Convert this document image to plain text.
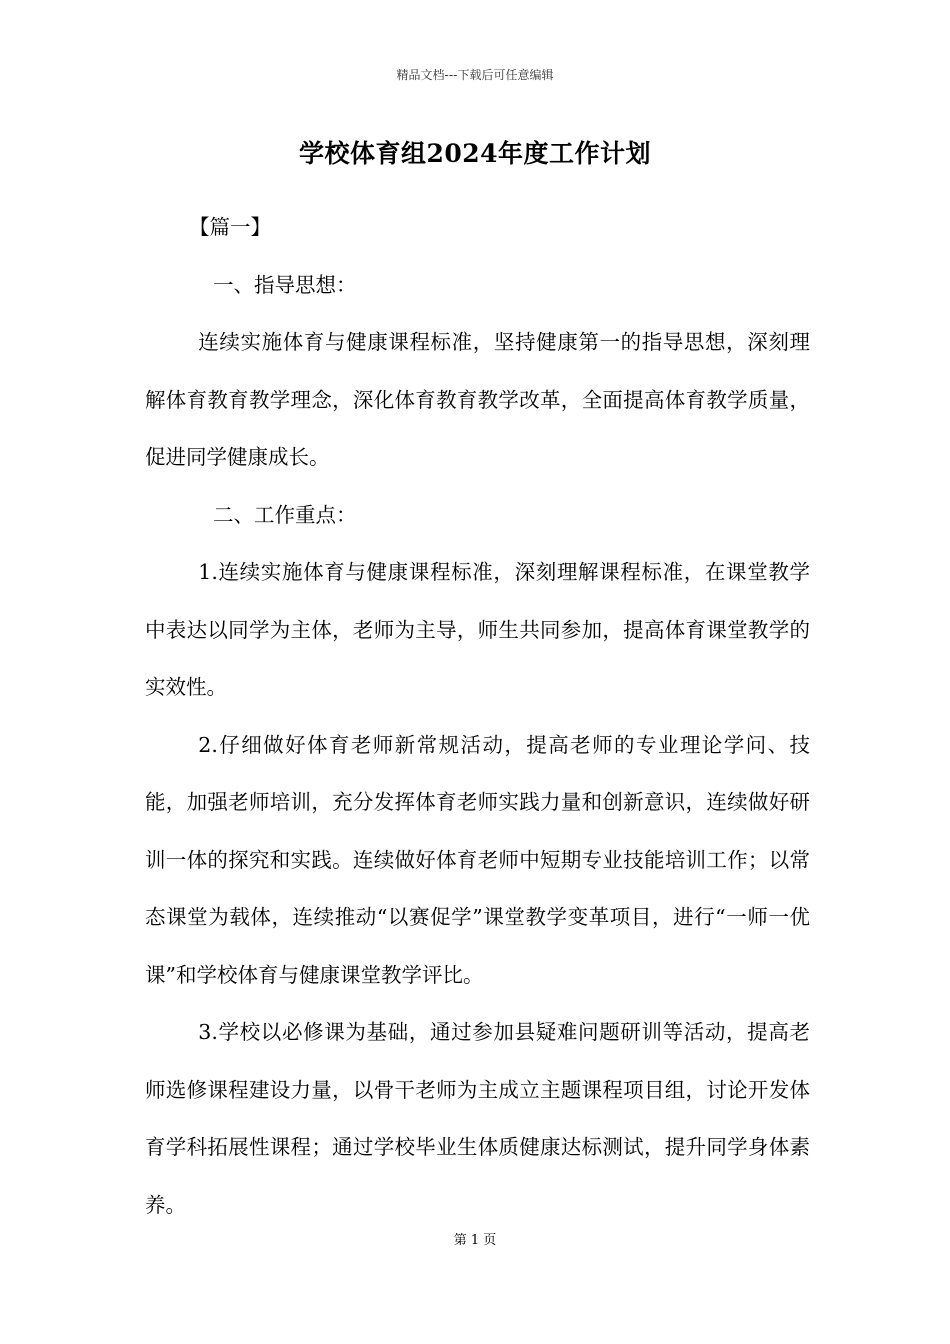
精品文档---下载后可任意编辑
学校体育组2024年度工作计划

【篇一】

一、指导思想：

连续实施体育与健康课程标准，坚持健康第一的指导思想，深刻理解体育教育教学理念，深化体育教育教学改革，全面提高体育教学质量，促进同学健康成长。

二、工作重点：

1.连续实施体育与健康课程标准，深刻理解课程标准，在课堂教学中表达以同学为主体，老师为主导，师生共同参加，提高体育课堂教学的实效性。

2.仔细做好体育老师新常规活动，提高老师的专业理论学问、技能，加强老师培训，充分发挥体育老师实践力量和创新意识，连续做好研训一体的探究和实践。连续做好体育老师中短期专业技能培训工作；以常态课堂为载体，连续推动“以赛促学”课堂教学变革项目，进行“一师一优课”和学校体育与健康课堂教学评比。

3.学校以必修课为基础，通过参加县疑难问题研训等活动，提高老师选修课程建设力量，以骨干老师为主成立主题课程项目组，讨论开发体育学科拓展性课程；通过学校毕业生体质健康达标测试，提升同学身体素养。

第 1 页
